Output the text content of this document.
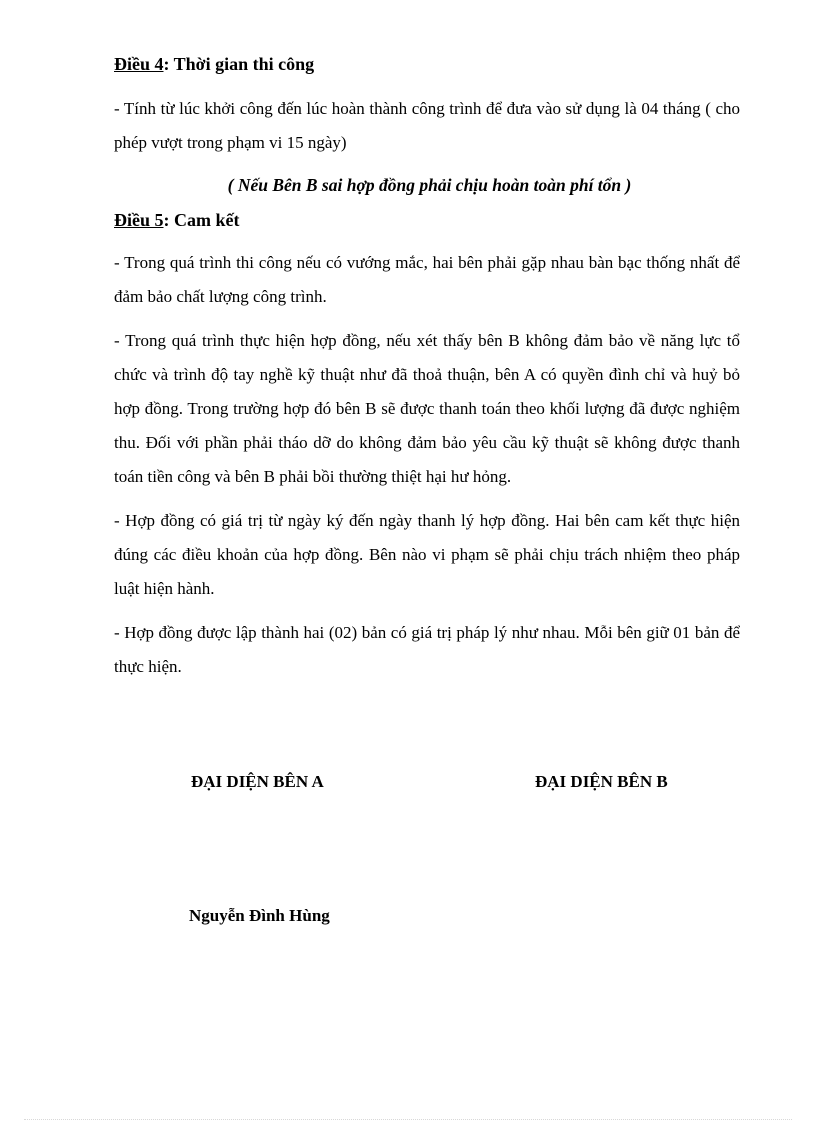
Điều 4: Thời gian thi công

- Tính từ lúc khởi công đến lúc hoàn thành công trình để đưa vào sử dụng là 04 tháng ( cho phép vượt trong phạm vi 15 ngày)

( Nếu Bên B sai hợp đồng phải chịu hoàn toàn phí tổn )

Điều 5: Cam kết

- Trong quá trình thi công nếu có vướng mắc, hai bên phải gặp nhau bàn bạc thống nhất để đảm bảo chất lượng công trình.

- Trong quá trình thực hiện hợp đồng, nếu xét thấy bên B không đảm bảo về năng lực tổ chức và trình độ tay nghề kỹ thuật như đã thoả thuận, bên A có quyền đình chỉ và huỷ bỏ hợp đồng. Trong trường hợp đó bên B sẽ được thanh toán theo khối lượng đã được nghiệm thu. Đối với phần phải tháo dỡ do không đảm bảo yêu cầu kỹ thuật sẽ không được thanh toán tiền công và bên B phải bồi thường thiệt hại hư hỏng.

- Hợp đồng có giá trị từ ngày ký đến ngày thanh lý hợp đồng. Hai bên cam kết thực hiện đúng các điều khoản của hợp đồng. Bên nào vi phạm sẽ phải chịu trách nhiệm theo pháp luật hiện hành.

- Hợp đồng được lập thành hai (02) bản có giá trị pháp lý như nhau. Mỗi bên giữ 01 bản để thực hiện.

ĐẠI DIỆN BÊN A	ĐẠI DIỆN BÊN B
Nguyễn Đình Hùng
